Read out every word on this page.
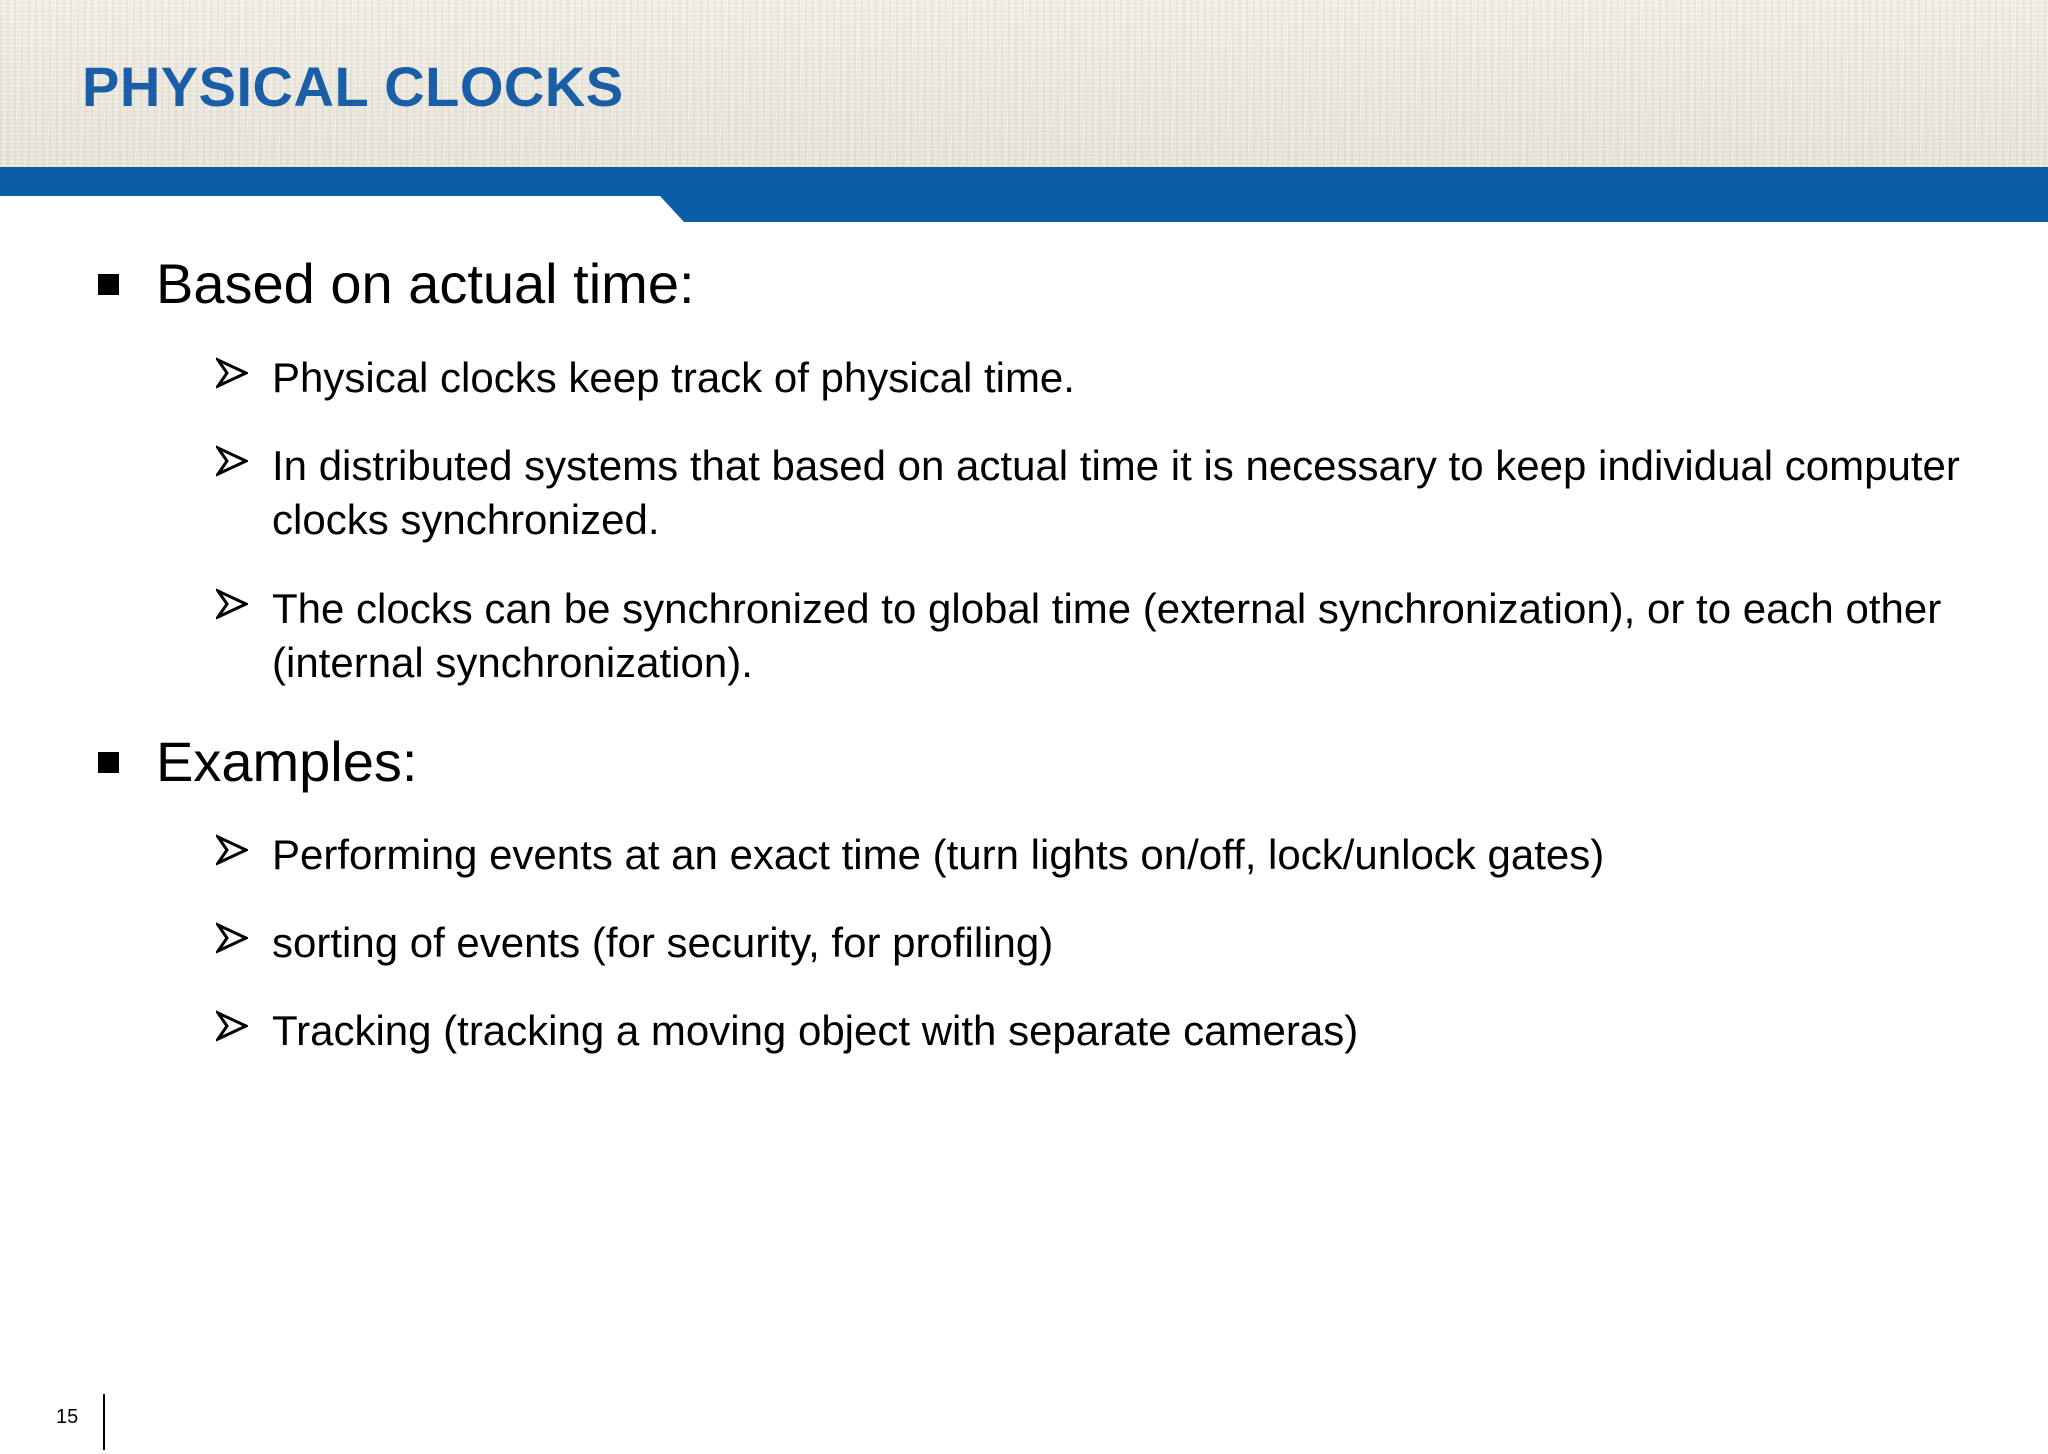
PHYSICAL CLOCKS
Based on actual time:
Physical clocks keep track of physical time.
In distributed systems that based on actual time it is necessary to keep individual computer clocks synchronized.
The clocks can be synchronized to global time (external synchronization), or to each other (internal synchronization).
Examples:
Performing events at an exact time (turn lights on/off, lock/unlock gates)
sorting of events (for security, for profiling)
Tracking (tracking a moving object with separate cameras)
15
